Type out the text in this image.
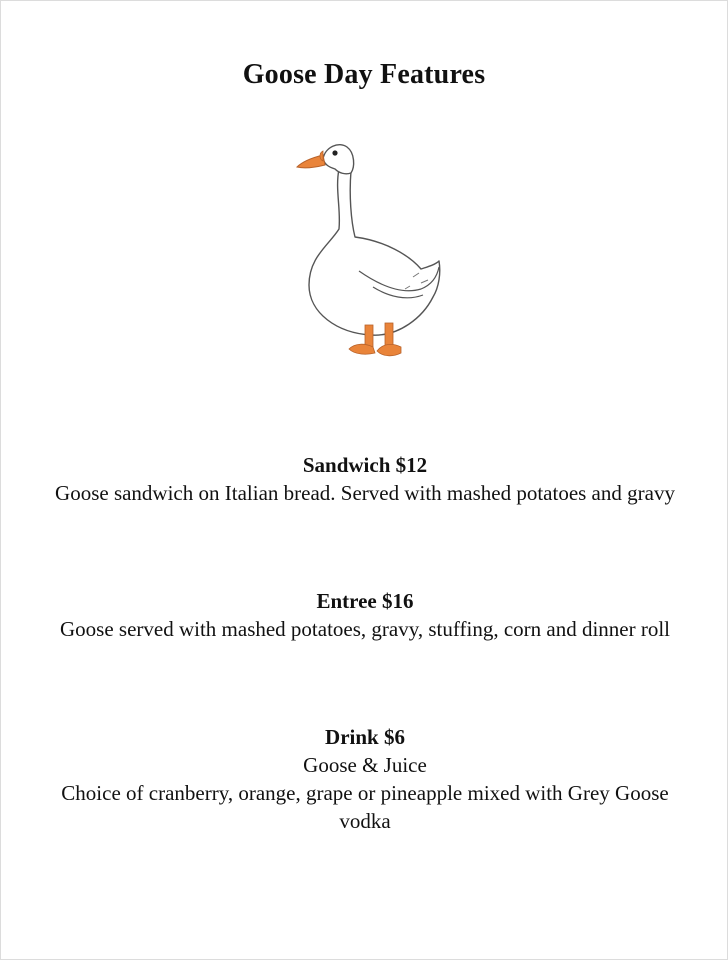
Goose Day Features
Sandwich $12
Goose sandwich on Italian bread. Served with mashed potatoes and gravy
Entree $16
Goose served with mashed potatoes, gravy, stuffing, corn and dinner roll
Drink $6
Goose & Juice
Choice of cranberry, orange, grape or pineapple mixed with Grey Goose vodka
